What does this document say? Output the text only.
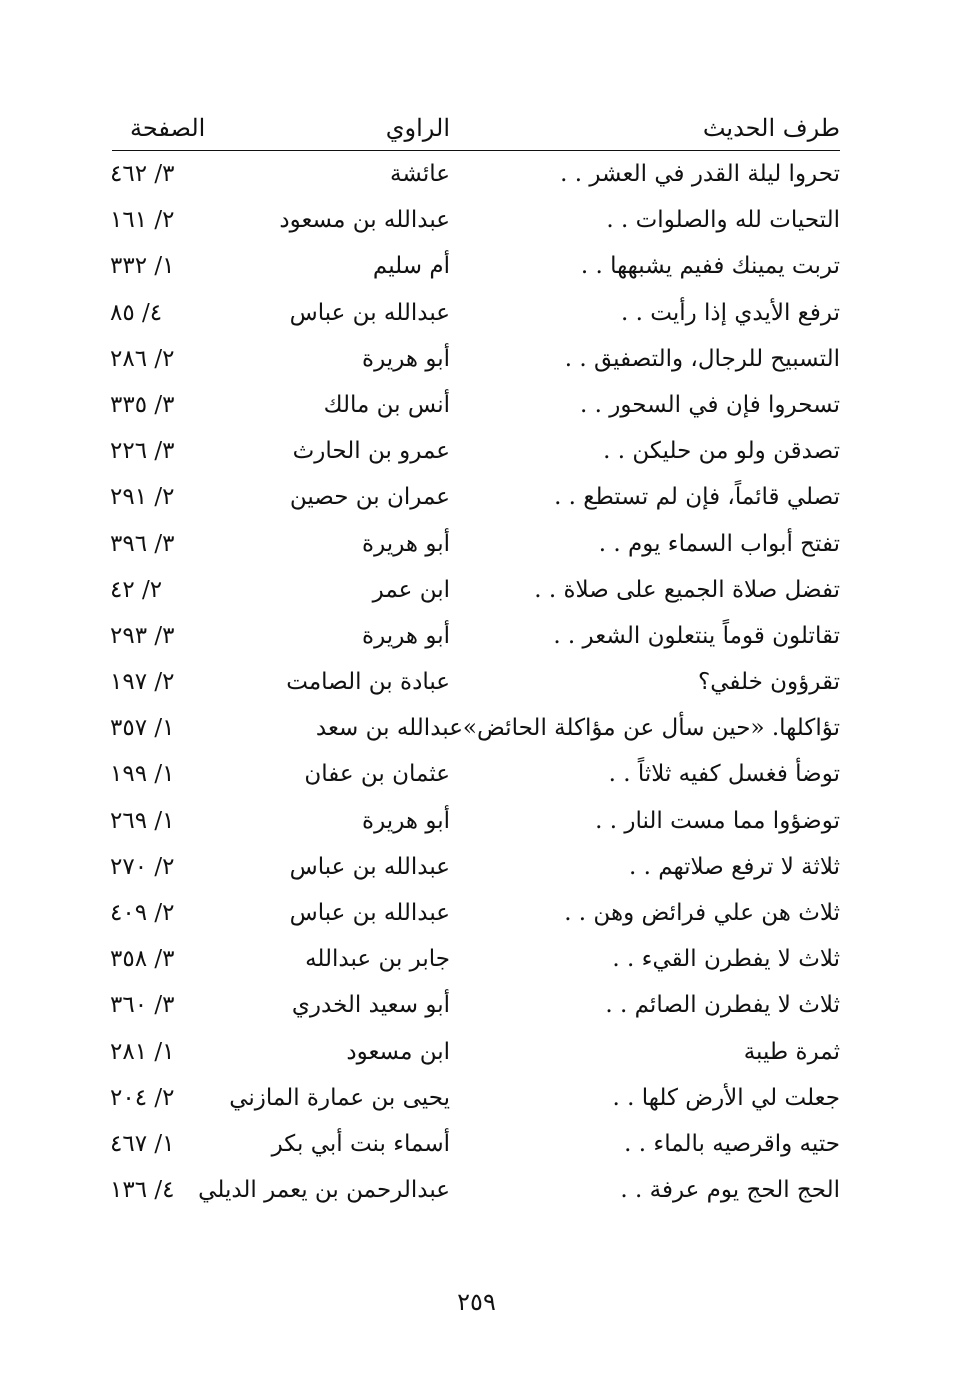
طرف الحديث
الراوي
الصفحة
تحروا ليلة القدر في العشر . .
عائشة
٣/ ٤٦٢
التحيات لله والصلوات . .
عبدالله بن مسعود
٢/ ١٦١
تربت يمينك ففيم يشبهها . .
أم سليم
١/ ٣٣٢
ترفع الأيدي إذا رأيت . .
عبدالله بن عباس
٤/ ٨٥
التسبيح للرجال، والتصفيق . .
أبو هريرة
٢/ ٢٨٦
تسحروا فإن في السحور . .
أنس بن مالك
٣/ ٣٣٥
تصدقن ولو من حليكن . .
عمرو بن الحارث
٣/ ٢٢٦
تصلي قائماً، فإن لم تستطع . .
عمران بن حصين
٢/ ٢٩١
تفتح أبواب السماء يوم . .
أبو هريرة
٣/ ٣٩٦
تفضل صلاة الجميع على صلاة . .
ابن عمر
٢/ ٤٢
تقاتلون قوماً ينتعلون الشعر . .
أبو هريرة
٣/ ٢٩٣
تقرؤون خلفي؟
عبادة بن الصامت
٢/ ١٩٧
تؤاكلها. «حين سأل عن مؤاكلة الحائض»عبدالله بن سعد
١/ ٣٥٧
توضأ فغسل كفيه ثلاثاً . .
عثمان بن عفان
١/ ١٩٩
توضؤوا مما مست النار . .
أبو هريرة
١/ ٢٦٩
ثلاثة لا ترفع صلاتهم . .
عبدالله بن عباس
٢/ ٢٧٠
ثلاث هن علي فرائض وهن . .
عبدالله بن عباس
٢/ ٤٠٩
ثلاث لا يفطرن القيء . .
جابر بن عبدالله
٣/ ٣٥٨
ثلاث لا يفطرن الصائم . .
أبو سعيد الخدري
٣/ ٣٦٠
ثمرة طيبة
ابن مسعود
١/ ٢٨١
جعلت لي الأرض كلها . .
يحيى بن عمارة المازني
٢/ ٢٠٤
حتيه واقرصيه بالماء . .
أسماء بنت أبي بكر
١/ ٤٦٧
الحج الحج يوم عرفة . .
عبدالرحمن بن يعمر الديلي
٤/ ١٣٦
٢٥٩
